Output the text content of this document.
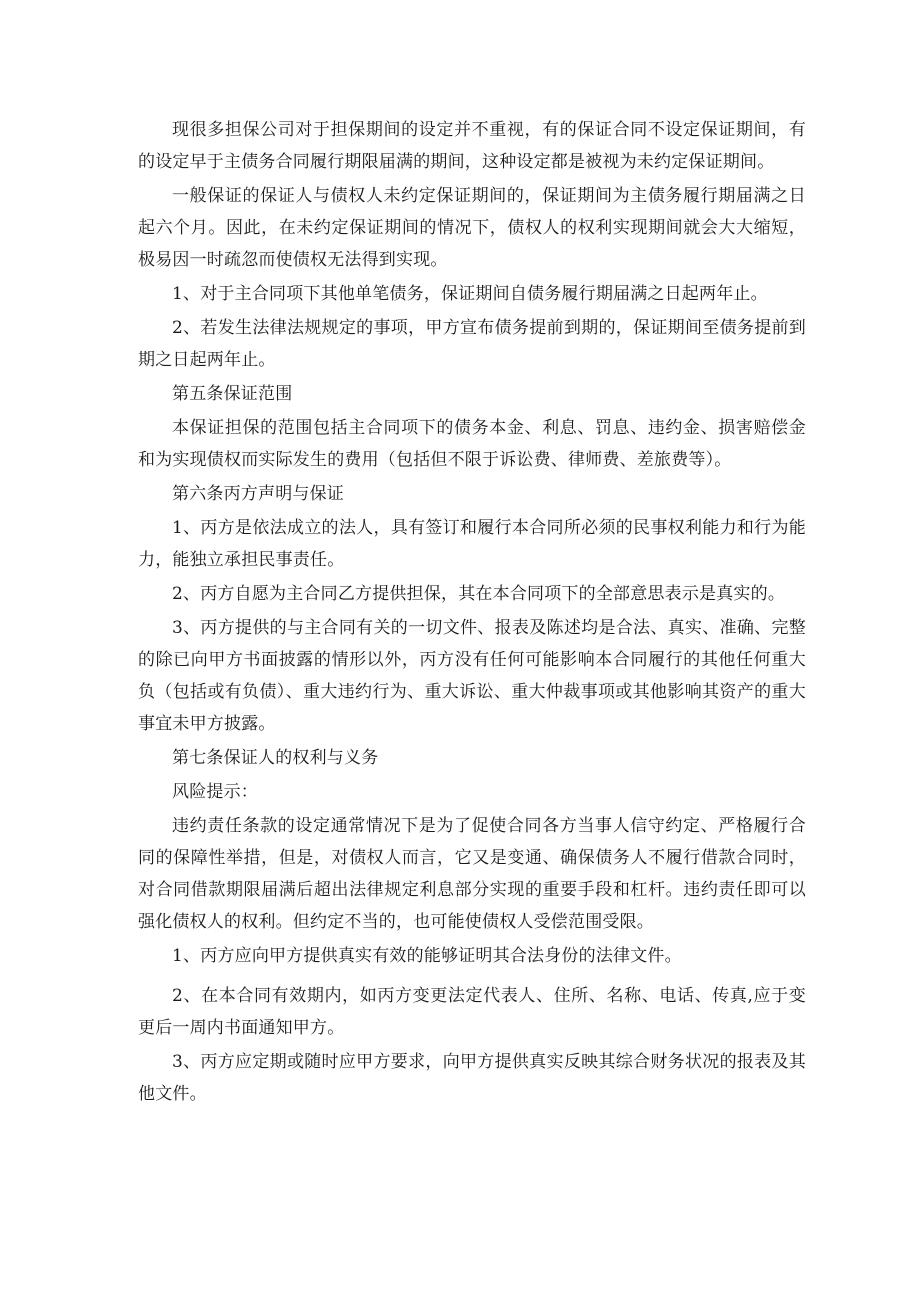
现很多担保公司对于担保期间的设定并不重视，有的保证合同不设定保证期间，有的设定早于主债务合同履行期限届满的期间，这种设定都是被视为未约定保证期间。

一般保证的保证人与债权人未约定保证期间的，保证期间为主债务履行期届满之日起六个月。因此，在未约定保证期间的情况下，债权人的权利实现期间就会大大缩短，极易因一时疏忽而使债权无法得到实现。

1、对于主合同项下其他单笔债务，保证期间自债务履行期届满之日起两年止。

2、若发生法律法规规定的事项，甲方宣布债务提前到期的，保证期间至债务提前到期之日起两年止。

第五条保证范围

本保证担保的范围包括主合同项下的债务本金、利息、罚息、违约金、损害赔偿金和为实现债权而实际发生的费用（包括但不限于诉讼费、律师费、差旅费等）。

第六条丙方声明与保证

1、丙方是依法成立的法人，具有签订和履行本合同所必须的民事权利能力和行为能力，能独立承担民事责任。

2、丙方自愿为主合同乙方提供担保，其在本合同项下的全部意思表示是真实的。

3、丙方提供的与主合同有关的一切文件、报表及陈述均是合法、真实、准确、完整的除已向甲方书面披露的情形以外，丙方没有任何可能影响本合同履行的其他任何重大负（包括或有负债）、重大违约行为、重大诉讼、重大仲裁事项或其他影响其资产的重大事宜未甲方披露。

第七条保证人的权利与义务

风险提示：

违约责任条款的设定通常情况下是为了促使合同各方当事人信守约定、严格履行合同的保障性举措，但是，对债权人而言，它又是变通、确保债务人不履行借款合同时，对合同借款期限届满后超出法律规定利息部分实现的重要手段和杠杆。违约责任即可以强化债权人的权利。但约定不当的，也可能使债权人受偿范围受限。

1、丙方应向甲方提供真实有效的能够证明其合法身份的法律文件。

2、在本合同有效期内，如丙方变更法定代表人、住所、名称、电话、传真,应于变更后一周内书面通知甲方。

3、丙方应定期或随时应甲方要求，向甲方提供真实反映其综合财务状况的报表及其他文件。
